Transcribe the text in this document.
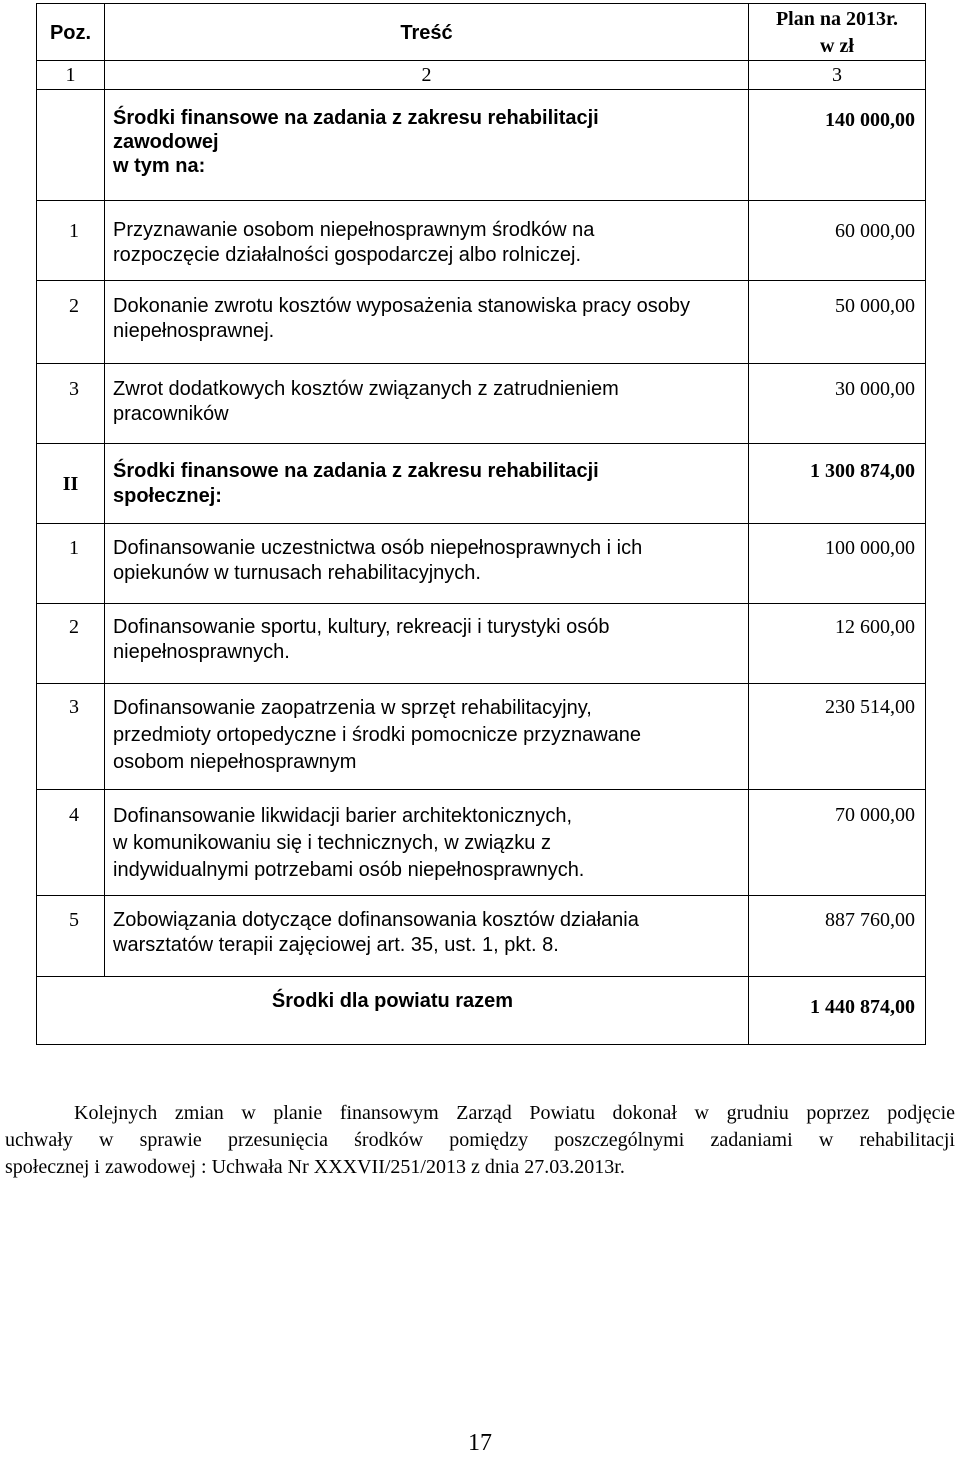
Poz.	Treść	Plan na 2013r.
w zł

1	2	3

	Środki finansowe na zadania z zakresu rehabilitacji
zawodowej
w tym na:	140 000,00
1	Przyznawanie osobom niepełnosprawnym środków na
rozpoczęcie działalności gospodarczej albo rolniczej.	60 000,00
2	Dokonanie zwrotu kosztów wyposażenia stanowiska pracy osoby
niepełnosprawnej.	50 000,00
3	Zwrot dodatkowych kosztów związanych z zatrudnieniem
pracowników	30 000,00
II	Środki finansowe na zadania z zakresu rehabilitacji
społecznej:	1 300 874,00
1	Dofinansowanie uczestnictwa osób niepełnosprawnych i ich
opiekunów w turnusach rehabilitacyjnych.	100 000,00
2	Dofinansowanie sportu, kultury, rekreacji i turystyki osób
niepełnosprawnych.	12 600,00
3	Dofinansowanie zaopatrzenia w sprzęt rehabilitacyjny,
przedmioty ortopedyczne i środki pomocnicze przyznawane
osobom niepełnosprawnym	230 514,00
4	Dofinansowanie likwidacji barier architektonicznych,
w komunikowaniu się i technicznych, w związku z
indywidualnymi potrzebami osób niepełnosprawnych.	70 000,00
5	Zobowiązania dotyczące dofinansowania kosztów działania
warsztatów terapii zajęciowej art. 35, ust. 1, pkt. 8.	887 760,00
Środki dla powiatu razem		1 440 874,00
Kolejnych zmian w planie finansowym Zarząd Powiatu dokonał w grudniu poprzez podjęcie
uchwały w sprawie przesunięcia środków pomiędzy poszczególnymi zadaniami w rehabilitacji
społecznej i zawodowej : Uchwała Nr XXXVII/251/2013 z dnia 27.03.2013r.
17
